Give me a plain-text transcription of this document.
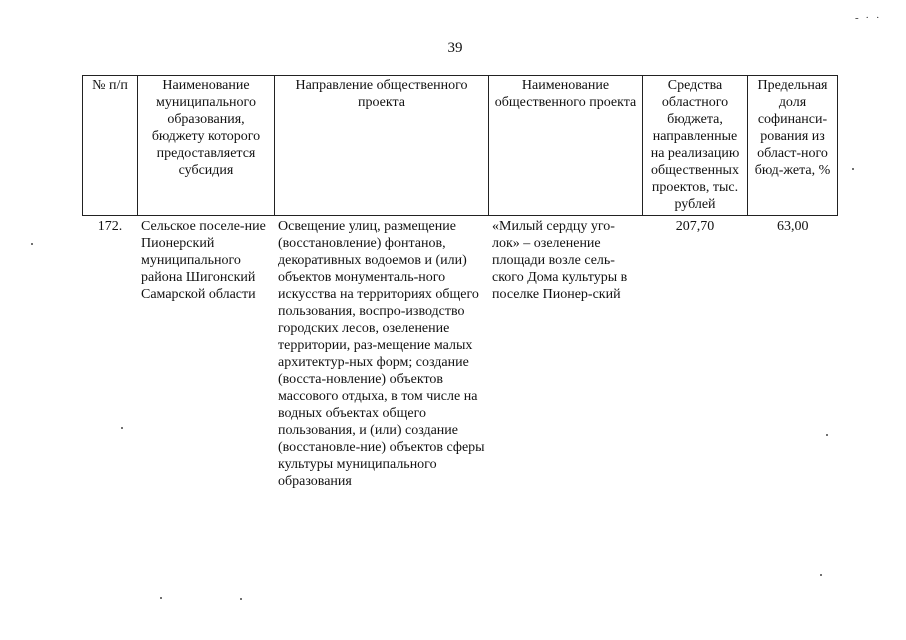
- · ·
39
№ п/п	Наименование муниципального образования, бюджету которого предоставляется субсидия	Направление общественного проекта	Наименование общественного проекта	Средства областного бюджета, направленные на реализацию общественных проектов, тыс. рублей	Предельная доля софинанси-рования из област-ного бюд-жета, %
172.	Сельское поселе-ние Пионерский муниципального района Шигонский Самарской области	Освещение улиц, размещение (восстановление) фонтанов, декоративных водоемов и (или) объектов монументаль-ного искусства на территориях общего пользования, воспро-изводство городских лесов, озеленение территории, раз-мещение малых архитектур-ных форм; создание (восста-новление) объектов массового отдыха, в том числе на водных объектах общего пользования, и (или) создание (восстановле-ние) объектов сферы культуры муниципального образования	«Милый сердцу уго-лок» – озеленение площади возле сель-ского Дома культуры в поселке Пионер-ский	207,70	63,00
